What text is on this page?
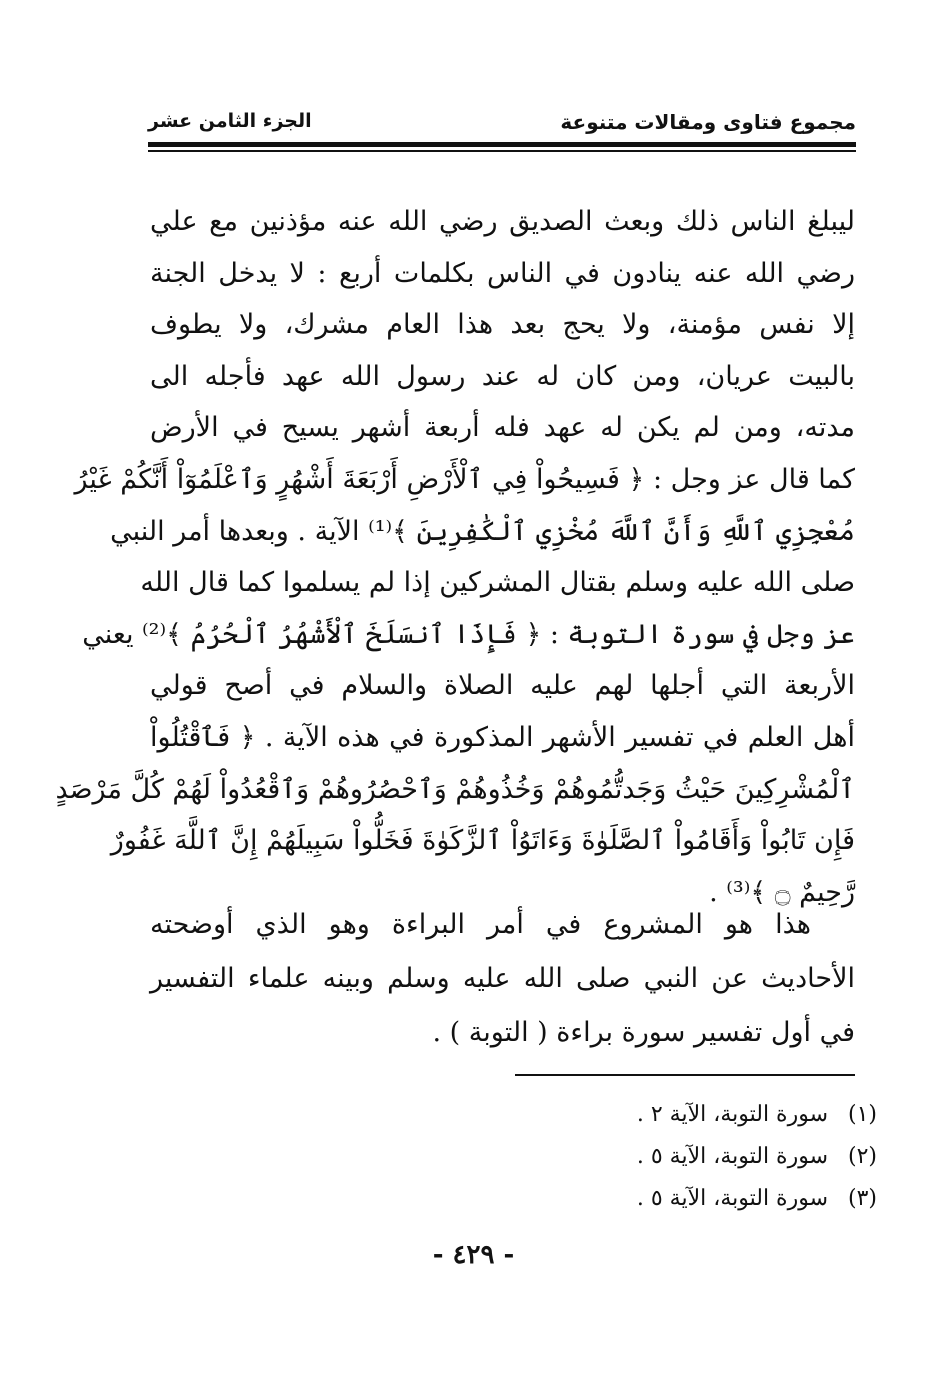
مجموع فتاوى ومقالات متنوعة
الجزء الثامن عشر
ليبلغ الناس ذلك وبعث الصديق رضي الله عنه مؤذنين مع علي
رضي الله عنه ينادون في الناس بكلمات أربع : لا يدخل الجنة
إلا نفس مؤمنة، ولا يحج بعد هذا العام مشرك، ولا يطوف
بالبيت عريان، ومن كان له عند رسول الله عهد فأجله الى
مدته، ومن لم يكن له عهد فله أربعة أشهر يسيح في الأرض
كما قال عز وجل : ﴿ فَسِيحُواْ فِي ٱلْأَرْضِ أَرْبَعَةَ أَشْهُرٍ وَٱعْلَمُوٓاْ أَنَّكُمْ غَيْرُ
مُعْجِزِي ٱللَّهِ وَأَنَّ ٱللَّهَ مُخْزِي ٱلْكَٰفِرِينَ ﴾⁽¹⁾ الآية . وبعدها أمر النبي
صلى الله عليه وسلم بقتال المشركين إذا لم يسلموا كما قال الله
عز وجل في سورة التوبة : ﴿ فَإِذَا ٱنسَلَخَ ٱلْأَشْهُرُ ٱلْحُرُمُ ﴾⁽²⁾ يعني
الأربعة التي أجلها لهم عليه الصلاة والسلام في أصح قولي
أهل العلم في تفسير الأشهر المذكورة في هذه الآية . ﴿ فَٱقْتُلُواْ
ٱلْمُشْرِكِينَ حَيْثُ وَجَدتُّمُوهُمْ وَخُذُوهُمْ وَٱحْصُرُوهُمْ وَٱقْعُدُواْ لَهُمْ كُلَّ مَرْصَدٍ
فَإِن تَابُواْ وَأَقَامُواْ ٱلصَّلَوٰةَ وَءَاتَوُاْ ٱلزَّكَوٰةَ فَخَلُّواْ سَبِيلَهُمْ إِنَّ ٱللَّهَ غَفُورٌ
رَّحِيمٌ ۝ ﴾⁽³⁾ .
هذا هو المشروع في أمر البراءة وهو الذي أوضحته
الأحاديث عن النبي صلى الله عليه وسلم وبينه علماء التفسير
في أول تفسير سورة براءة ( التوبة ) .
(١) سورة التوبة، الآية ٢ .
(٢) سورة التوبة، الآية ٥ .
(٣) سورة التوبة، الآية ٥ .
- ٤٢٩ -
